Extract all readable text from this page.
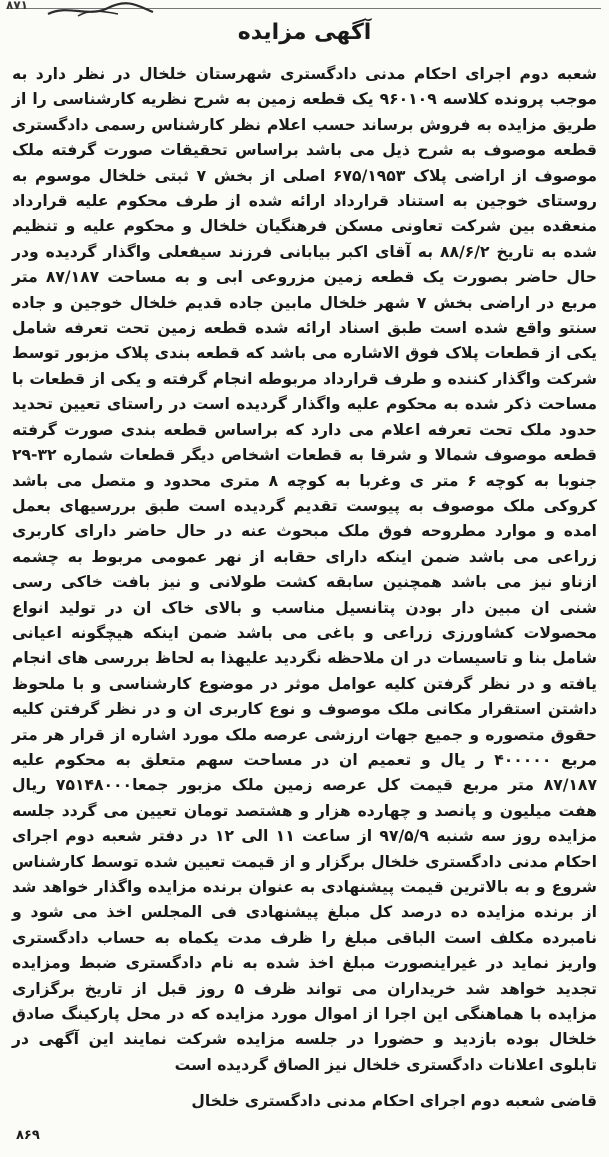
۸۷۱
آگهی مزایده
شعبه دوم اجرای احکام مدنی دادگستری شهرستان خلخال در نظر دارد به موجب پرونده کلاسه ۹۶۰۱۰۹ یک قطعه زمین به شرح نظریه کارشناسی را از طریق مزایده به فروش برساند حسب اعلام نظر کارشناس رسمی دادگستری قطعه موصوف به شرح ذیل می باشد براساس تحقیقات صورت گرفته ملک موصوف از اراضی پلاک ۶۷۵/۱۹۵۳ اصلی از بخش ۷ ثبتی خلخال موسوم به روستای خوجین به استناد قرارداد ارائه شده از طرف محکوم علیه قرارداد منعقده بین شرکت تعاونی مسکن فرهنگیان خلخال و محکوم علیه و تنظیم شده به تاریخ ۸۸/۶/۲ به آقای اکبر بیابانی فرزند سیفعلی واگذار گردیده ودر حال حاضر بصورت یک قطعه زمین مزروعی ابی و به مساحت ۸۷/۱۸۷ متر مربع در اراضی بخش ۷ شهر خلخال مابین جاده قدیم خلخال خوجین و جاده سنتو واقع شده است طبق اسناد ارائه شده قطعه زمین تحت تعرفه شامل یکی از قطعات پلاک فوق الاشاره می باشد که قطعه بندی پلاک مزبور توسط شرکت واگذار کننده و طرف قرارداد مربوطه انجام گرفته و یکی از قطعات با مساحت ذکر شده به محکوم علیه واگذار گردیده است در راستای تعیین تحدید حدود ملک تحت تعرفه اعلام می دارد که براساس قطعه بندی صورت گرفته قطعه موصوف شمالا و شرقا به قطعات اشخاص دیگر قطعات شماره ۳۲-۲۹ جنوبا به کوچه ۶ متر ی وغربا به کوچه ۸ متری محدود و متصل می باشد کروکی ملک موصوف به پیوست تقدیم گردیده است طبق بررسیهای بعمل امده و موارد مطروحه فوق ملک مبحوث عنه در حال حاضر دارای کاربری زراعی می باشد ضمن اینکه دارای حقابه از نهر عمومی مربوط به چشمه ازناو نیز می باشد همچنین سابقه کشت طولانی و نیز بافت خاکی رسی شنی ان مبین دار بودن پتانسیل مناسب و بالای خاک ان در تولید انواع محصولات کشاورزی زراعی و باغی می باشد ضمن اینکه هیچگونه اعیانی شامل بنا و تاسیسات در ان ملاحظه نگردید علیهذا به لحاظ بررسی های انجام یافته و در نظر گرفتن کلیه عوامل موثر در موضوع کارشناسی و با ملحوظ داشتن استقرار مکانی ملک موصوف و نوع کاربری ان و در نظر گرفتن کلیه حقوق متصوره و جمیع جهات ارزشی عرصه ملک مورد اشاره از قرار هر متر مربع ۴۰۰۰۰۰ ر یال و تعمیم ان در مساحت سهم متعلق به محکوم علیه ۸۷/۱۸۷ متر مربع قیمت کل عرصه زمین ملک مزبور جمعا۷۵۱۴۸۰۰۰ ریال هفت میلیون و پانصد و چهارده هزار و هشتصد تومان تعیین می گردد جلسه مزایده روز سه شنبه ۹۷/۵/۹ از ساعت ۱۱ الی ۱۲ در دفتر شعبه دوم اجرای احکام مدنی دادگستری خلخال برگزار و از قیمت تعیین شده توسط کارشناس شروع و به بالاترین قیمت پیشنهادی به عنوان برنده مزایده واگذار خواهد شد از برنده مزایده ده درصد کل مبلغ پیشنهادی فی المجلس اخذ می شود و نامبرده مکلف است الباقی مبلغ را ظرف مدت یکماه به حساب دادگستری واریز نماید در غیراینصورت مبلغ اخذ شده به نام دادگستری ضبط ومزایده تجدید خواهد شد خریداران می تواند ظرف ۵ روز قبل از تاریخ برگزاری مزایده با هماهنگی این اجرا از اموال مورد مزایده که در محل پارکینگ صادق خلخال بوده بازدید و حضورا در جلسه مزایده شرکت نمایند این آگهی در تابلوی اعلانات دادگستری خلخال نیز الصاق گردیده است
قاضی شعبه دوم اجرای احکام مدنی دادگستری خلخال
۸۶۹
